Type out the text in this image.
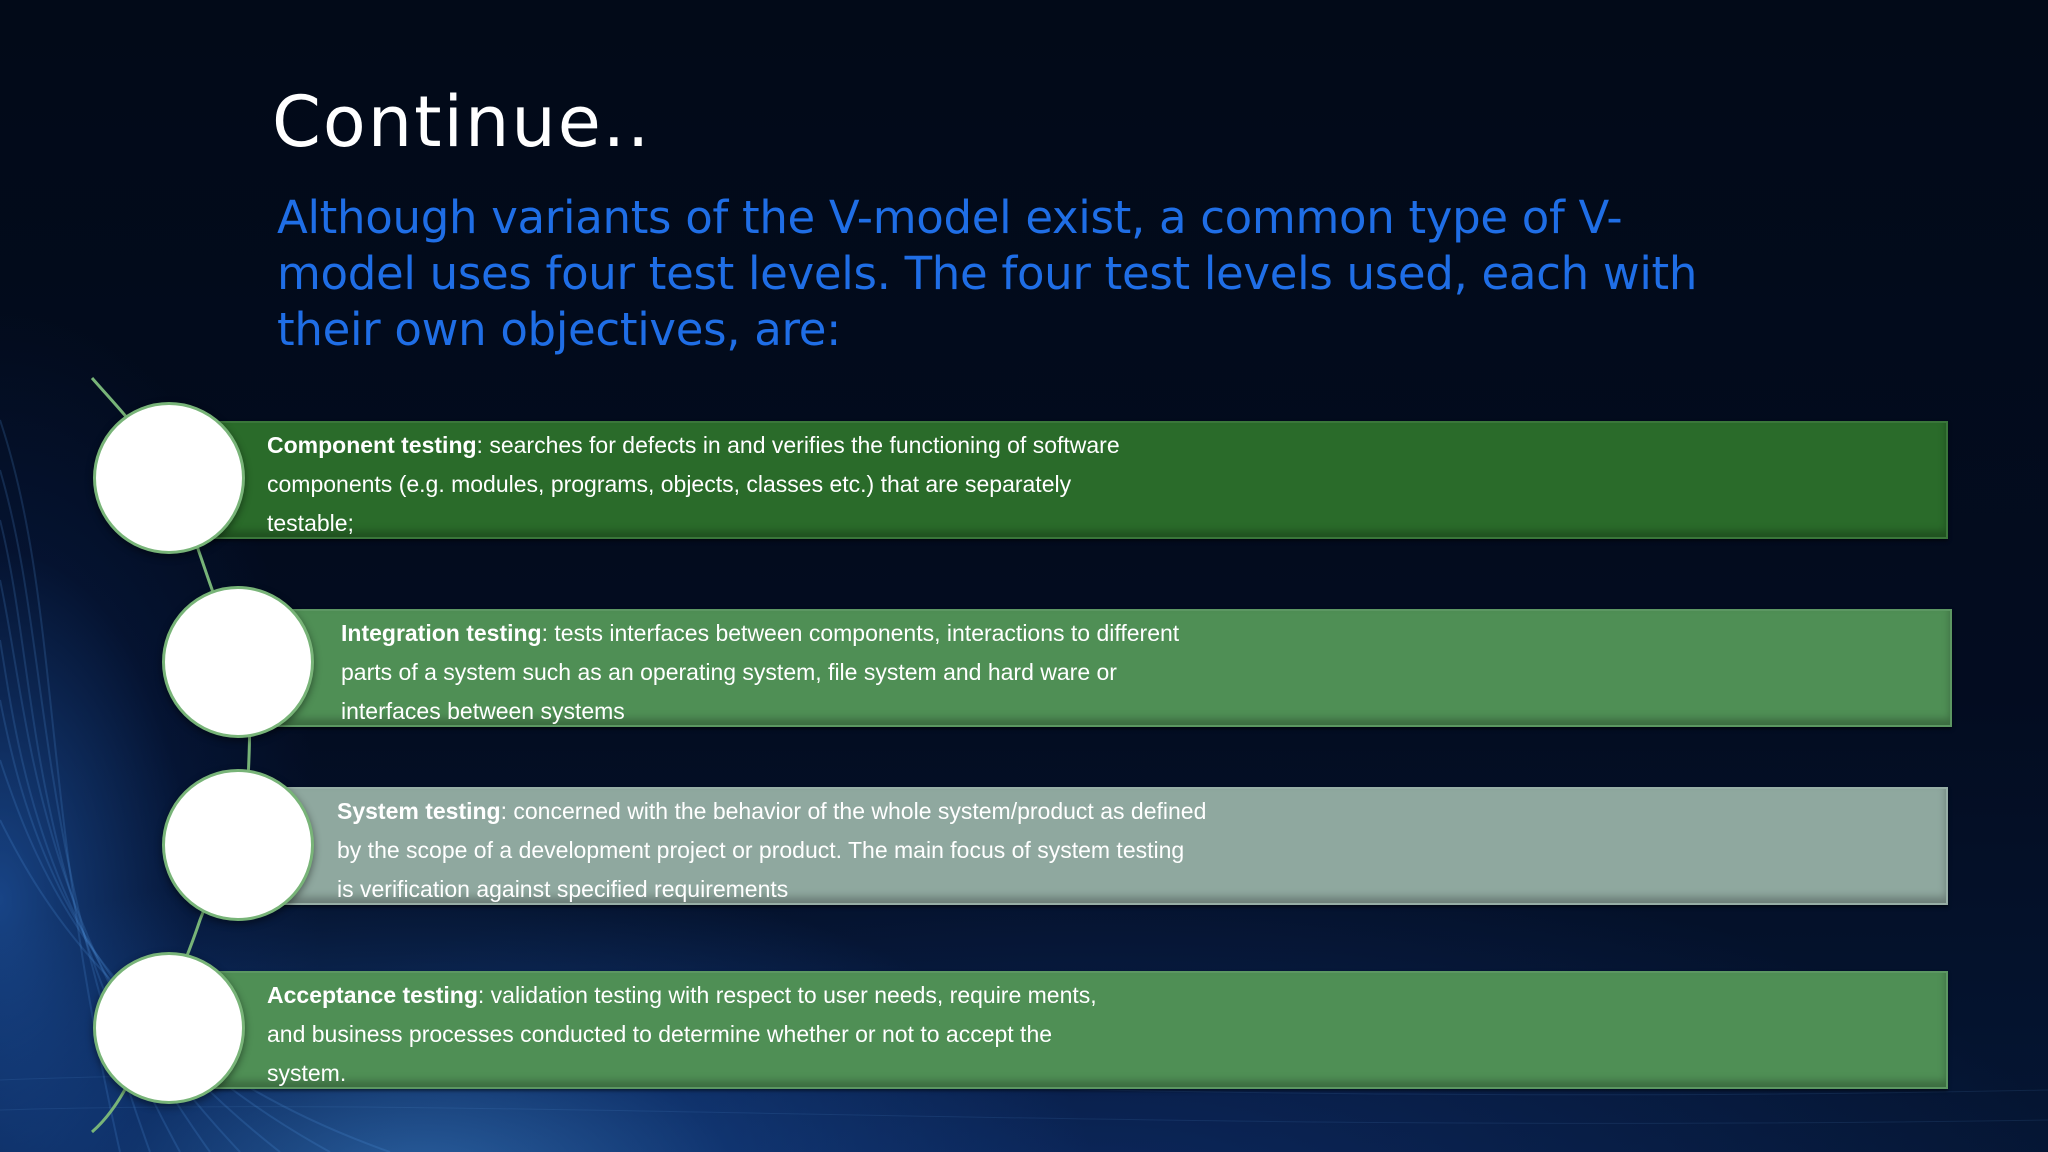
Continue..

Although variants of the V-model exist, a common type of V-model uses four test levels. The four test levels used, each with their own objectives, are:

Component testing: searches for defects in and verifies the functioning of software components (e.g. modules, programs, objects, classes etc.) that are separately testable;

Integration testing: tests interfaces between components, interactions to different parts of a system such as an operating system, file system and hard ware or interfaces between systems

System testing: concerned with the behavior of the whole system/product as defined by the scope of a development project or product. The main focus of system testing is verification against specified requirements

Acceptance testing: validation testing with respect to user needs, require ments, and business processes conducted to determine whether or not to accept the system.
